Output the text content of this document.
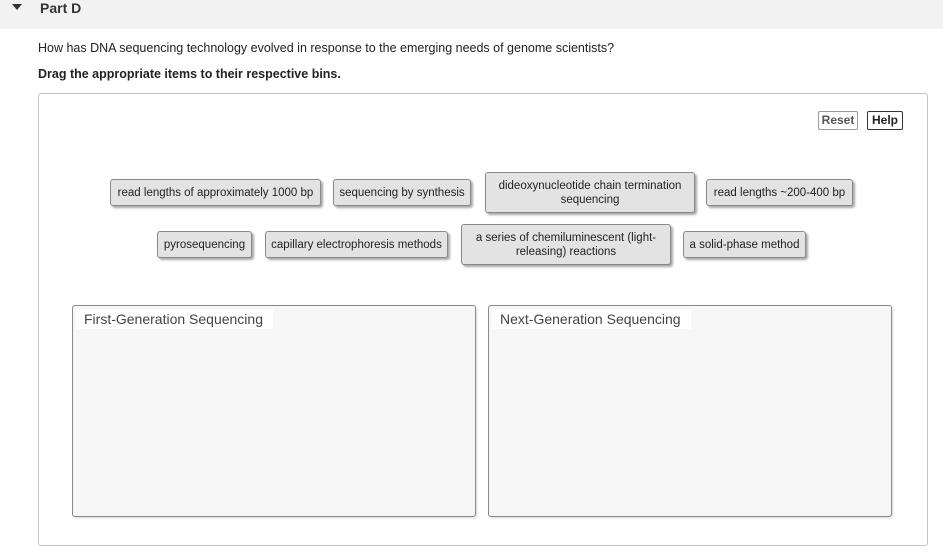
Part D
How has DNA sequencing technology evolved in response to the emerging needs of genome scientists?
Drag the appropriate items to their respective bins.
Reset	Help
read lengths of approximately 1000 bp	sequencing by synthesis
dideoxynucleotide chain termination sequencing
read lengths ~200-400 bp
pyrosequencing	capillary electrophoresis methods
a series of chemiluminescent (light-releasing) reactions
a solid-phase method
First-Generation Sequencing	Next-Generation Sequencing
